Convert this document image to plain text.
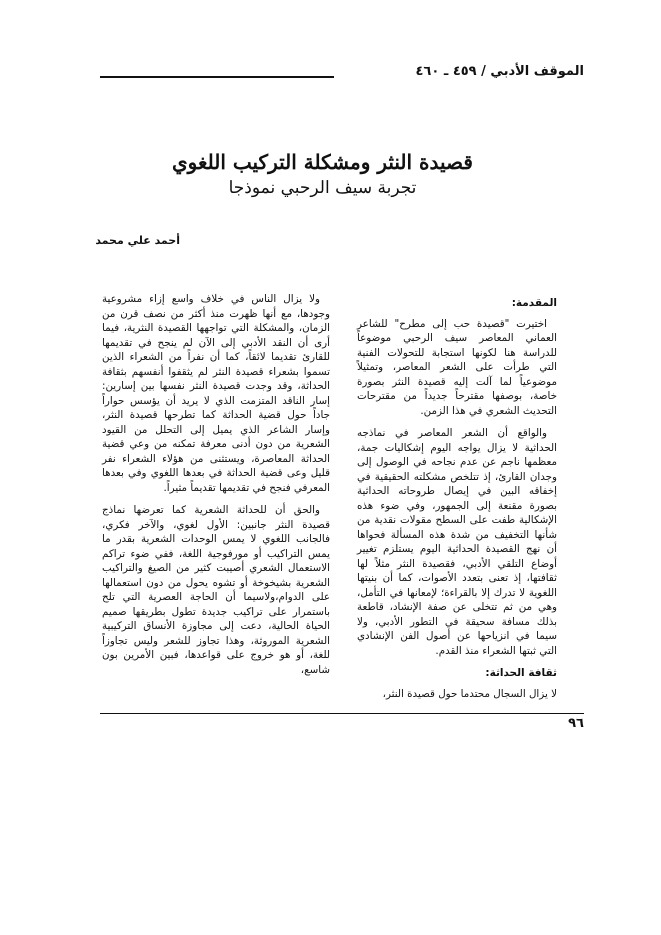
الموقف الأدبي / ٤٥٩ ـ ٤٦٠
قصيدة النثر ومشكلة التركيب اللغوي
تجربة سيف الرحبي نموذجا
أحمد علي محمد
المقدمة:

اختيرت "قصيدة حب إلى مطرح" للشاعر العماني المعاصر سيف الرحبي موضوعاً للدراسة هنا لكونها استجابة للتحولات الفنية التي طرأت على الشعر المعاصر، وتمثيلاً موضوعياً لما آلت إليه قصيدة النثر بصورة خاصة، بوصفها مقترحاً جديداً من مقترحات التحديث الشعري في هذا الزمن.

والواقع أن الشعر المعاصر في نماذجه الحداثية لا يزال يواجه اليوم إشكاليات جمة، معظمها ناجم عن عدم نجاحه في الوصول إلى وجدان القارئ، إذ تتلخص مشكلته الحقيقية في إخفاقه البين في إيصال طروحاته الحداثية بصورة مقنعة إلى الجمهور، وفي ضوء هذه الإشكالية طفت على السطح مقولات نقدية من شأنها التخفيف من شدة هذه المسألة فحواها أن نهج القصيدة الحداثية اليوم يستلزم تغيير أوضاع التلقي الأدبي، فقصيدة النثر مثلاً لها ثقافتها، إذ تعنى بتعدد الأصوات، كما أن بنيتها اللغوية لا تدرك إلا بالقراءة؛ لإمعانها في التأمل، وهي من ثم تتخلى عن صفة الإنشاد، قاطعة بذلك مسافة سحيقة في التطور الأدبي، ولا سيما في انزياحها عن أصول الفن الإنشادي التي ثبتها الشعراء منذ القدم.

ثقافة الحداثة:

لا يزال السجال محتدما حول قصيدة النثر،

ولا يزال الناس في خلاف واسع إزاء مشروعية وجودها، مع أنها ظهرت منذ أكثر من نصف قرن من الزمان، والمشكلة التي تواجهها القصيدة النثرية، فيما أرى أن النقد الأدبي إلى الآن لم ينجح في تقديمها للقارئ تقديما لائقاً، كما أن نفراً من الشعراء الذين تسموا بشعراء قصيدة النثر لم يثقفوا أنفسهم بثقافة الحداثة، وقد وجدت قصيدة النثر نفسها بين إسارين: إسار الناقد المتزمت الذي لا يريد أن يؤسس حواراً جاداً حول قضية الحداثة كما تطرحها قصيدة النثر، وإسار الشاعر الذي يميل إلى التحلل من القيود الشعرية من دون أدنى معرفة تمكنه من وعي قضية الحداثة المعاصرة، ويستثنى من هؤلاء الشعراء نفر قليل وعى قضية الحداثة في بعدها اللغوي وفي بعدها المعرفي فنجح في تقديمها تقديماً مثيراً.

والحق أن للحداثة الشعرية كما تعرضها نماذج قصيدة النثر جانبين: الأول لغوي، والآخر فكري، فالجانب اللغوي لا يمس الوحدات الشعرية بقدر ما يمس التراكيب أو مورفوجية اللغة، ففي ضوء تراكم الاستعمال الشعري أصيبت كثير من الصيغ والتراكيب الشعرية بشيخوخة أو تشوه يحول من دون استعمالها على الدوام،ولاسيما أن الحاجة العصرية التي تلح باستمرار على تراكيب جديدة تطول بطريقها صميم الحياة الحالية، دعت إلى مجاوزة الأنساق التركيبية الشعرية الموروثة، وهذا تجاوز للشعر وليس تجاوزاً للغة، أو هو خروج على قواعدها، فبين الأمرين بون شاسع،

٩٦
